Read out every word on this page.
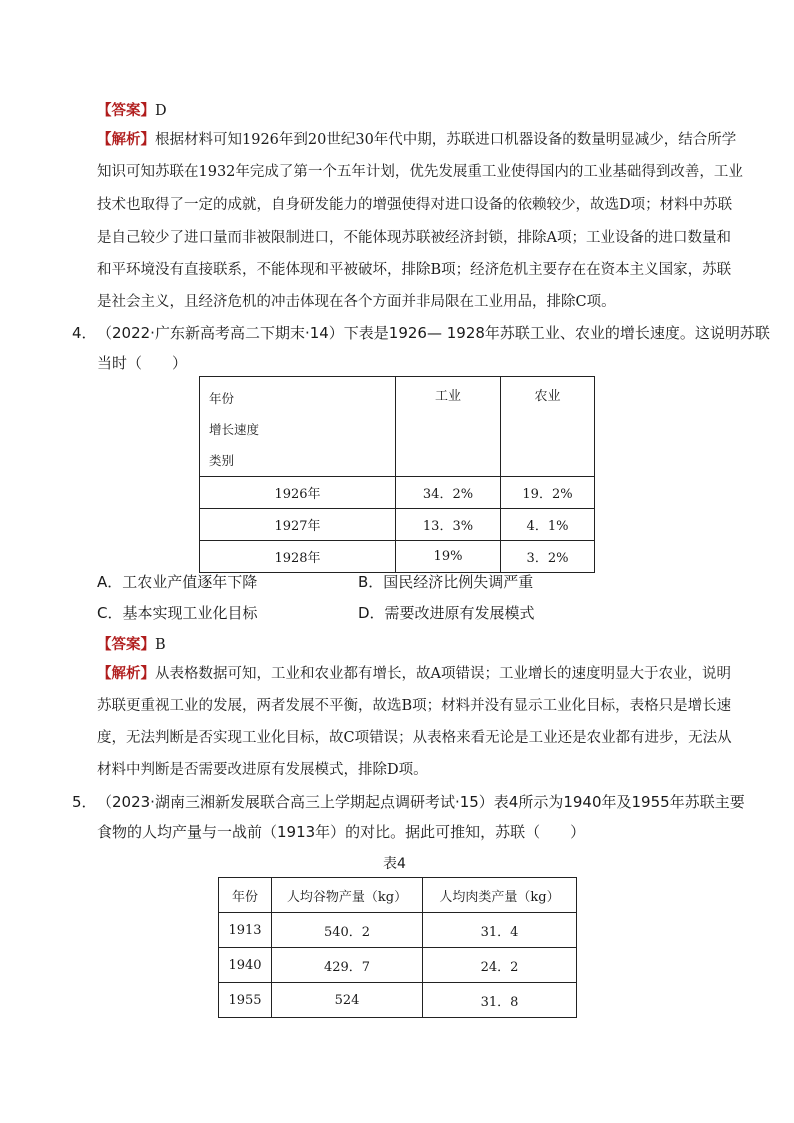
【答案】D
【解析】根据材料可知1926年到20世纪30年代中期，苏联进口机器设备的数量明显减少，结合所学
知识可知苏联在1932年完成了第一个五年计划，优先发展重工业使得国内的工业基础得到改善，工业
技术也取得了一定的成就，自身研发能力的增强使得对进口设备的依赖较少，故选D项；材料中苏联
是自己较少了进口量而非被限制进口，不能体现苏联被经济封锁，排除A项；工业设备的进口数量和
和平环境没有直接联系，不能体现和平被破坏，排除B项；经济危机主要存在在资本主义国家，苏联
是社会主义，且经济危机的冲击体现在各个方面并非局限在工业用品，排除C项。
4． （2022·广东新高考高二下期末·14）下表是1926— 1928年苏联工业、农业的增长速度。这说明苏联
当时（　　）
年份
增长速度
类别	工业	农业
1926年	34．2%	19．2%
1927年	13．3%	4．1%
1928年	19%	3．2%
A．工农业产值逐年下降	B．国民经济比例失调严重
C．基本实现工业化目标	D．需要改进原有发展模式
【答案】B
【解析】从表格数据可知，工业和农业都有增长，故A项错误；工业增长的速度明显大于农业，说明
苏联更重视工业的发展，两者发展不平衡，故选B项；材料并没有显示工业化目标，表格只是增长速
度，无法判断是否实现工业化目标，故C项错误；从表格来看无论是工业还是农业都有进步，无法从
材料中判断是否需要改进原有发展模式，排除D项。
5． （2023·湖南三湘新发展联合高三上学期起点调研考试·15）表4所示为1940年及1955年苏联主要
食物的人均产量与一战前（1913年）的对比。据此可推知，苏联（　　）
表4
年份	人均谷物产量（kg）	人均肉类产量（kg）
1913	540．2	31．4
1940	429．7	24．2
1955	524	31．8
